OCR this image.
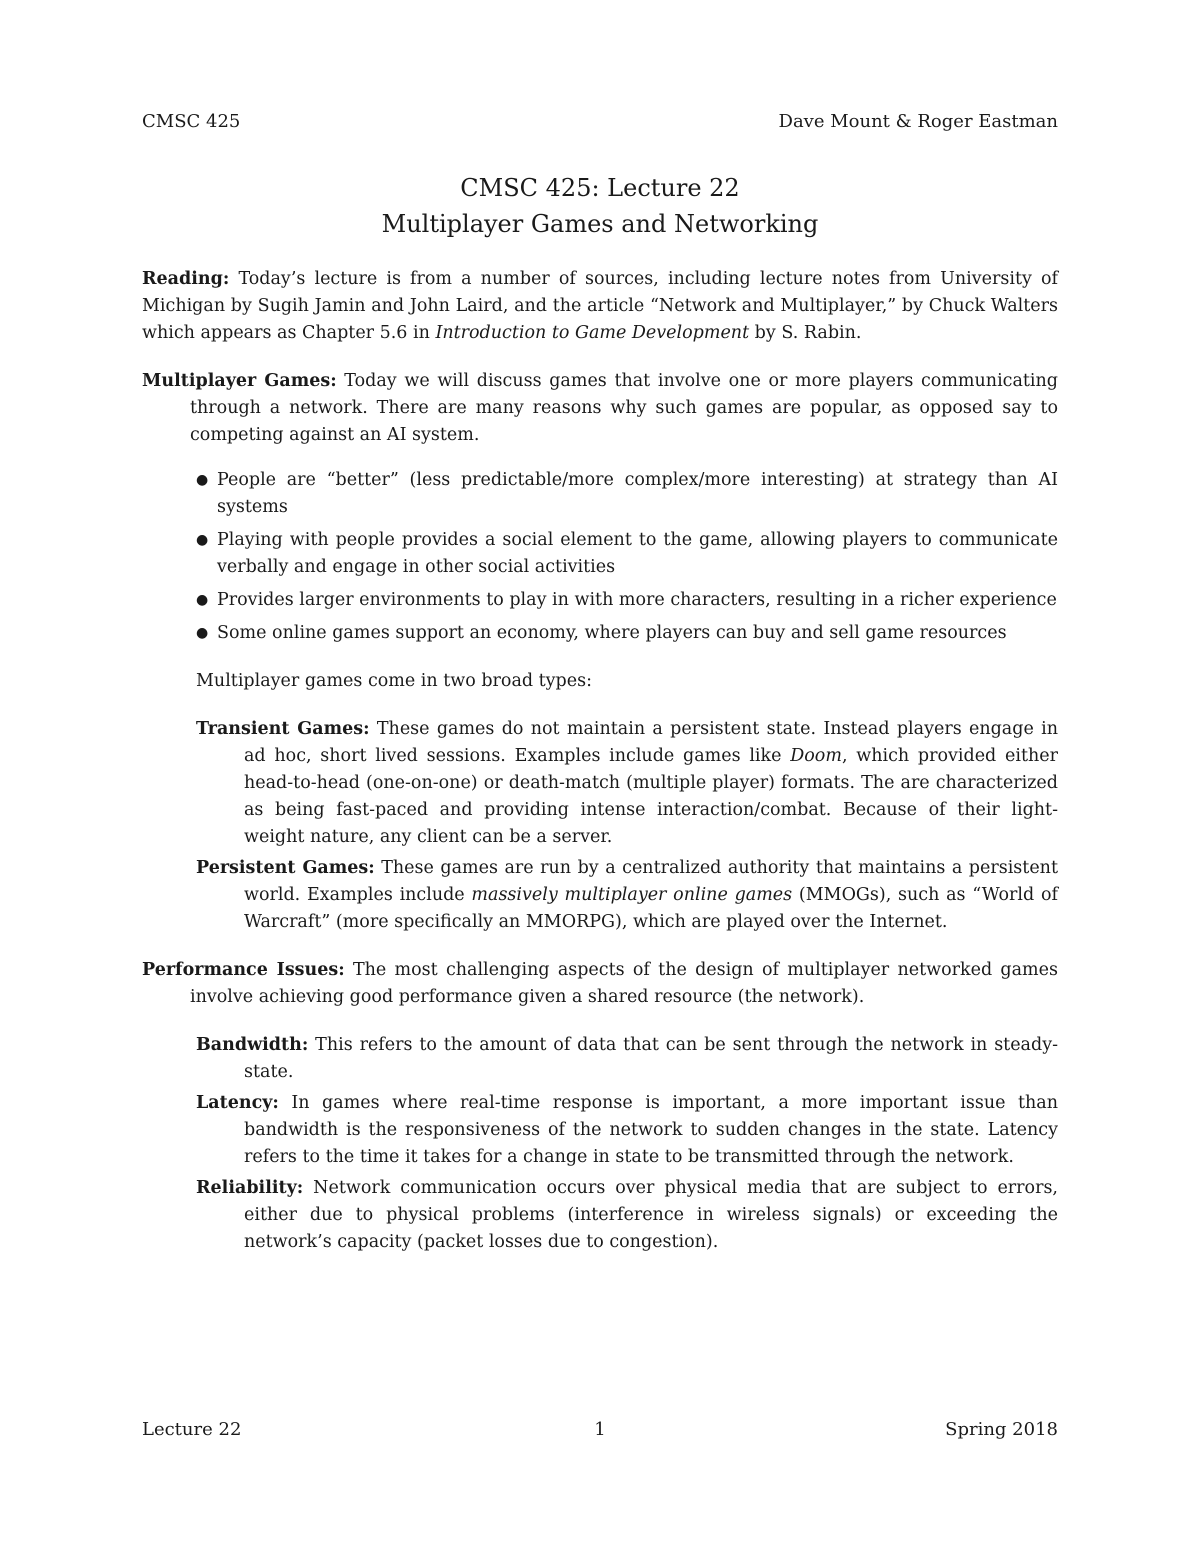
CMSC 425	Dave Mount & Roger Eastman
CMSC 425: Lecture 22
Multiplayer Games and Networking

Reading: Today’s lecture is from a number of sources, including lecture notes from University of Michigan by Sugih Jamin and John Laird, and the article “Network and Multiplayer,” by Chuck Walters which appears as Chapter 5.6 in Introduction to Game Development by S. Rabin.

Multiplayer Games: Today we will discuss games that involve one or more players communicating through a network. There are many reasons why such games are popular, as opposed say to competing against an AI system.

● People are “better” (less predictable/more complex/more interesting) at strategy than AI systems
● Playing with people provides a social element to the game, allowing players to communicate verbally and engage in other social activities
● Provides larger environments to play in with more characters, resulting in a richer experience
● Some online games support an economy, where players can buy and sell game resources

Multiplayer games come in two broad types:

Transient Games: These games do not maintain a persistent state. Instead players engage in ad hoc, short lived sessions. Examples include games like Doom, which provided either head-to-head (one-on-one) or death-match (multiple player) formats. The are characterized as being fast-paced and providing intense interaction/combat. Because of their light-weight nature, any client can be a server.

Persistent Games: These games are run by a centralized authority that maintains a persistent world. Examples include massively multiplayer online games (MMOGs), such as “World of Warcraft” (more specifically an MMORPG), which are played over the Internet.

Performance Issues: The most challenging aspects of the design of multiplayer networked games involve achieving good performance given a shared resource (the network).

Bandwidth: This refers to the amount of data that can be sent through the network in steady-state.

Latency: In games where real-time response is important, a more important issue than bandwidth is the responsiveness of the network to sudden changes in the state. Latency refers to the time it takes for a change in state to be transmitted through the network.

Reliability: Network communication occurs over physical media that are subject to errors, either due to physical problems (interference in wireless signals) or exceeding the network’s capacity (packet losses due to congestion).

1
Lecture 22	Spring 2018
